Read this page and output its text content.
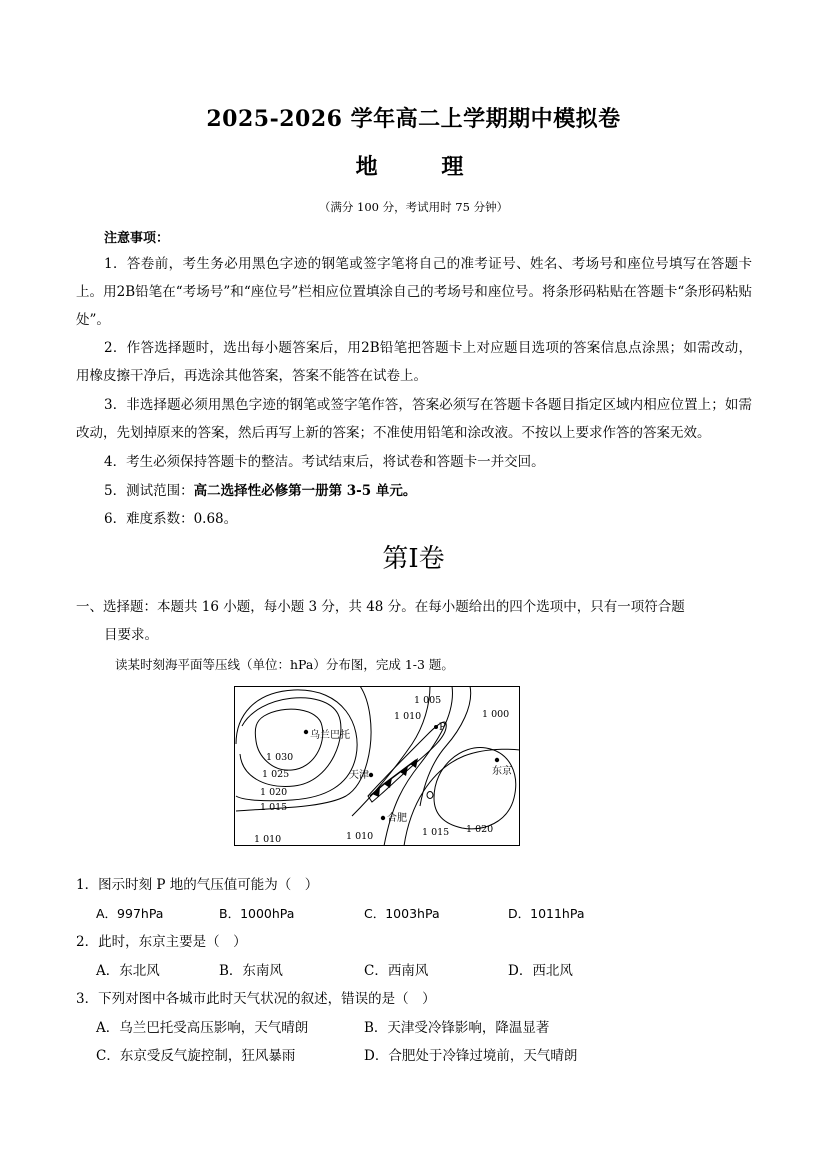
2025-2026 学年高二上学期期中模拟卷
地 理
（满分 100 分，考试用时 75 分钟）
注意事项：
1．答卷前，考生务必用黑色字迹的钢笔或签字笔将自己的准考证号、姓名、考场号和座位号填写在答题卡上。用2B铅笔在“考场号”和“座位号”栏相应位置填涂自己的考场号和座位号。将条形码粘贴在答题卡“条形码粘贴处”。
2．作答选择题时，选出每小题答案后，用2B铅笔把答题卡上对应题目选项的答案信息点涂黑；如需改动，用橡皮擦干净后，再选涂其他答案，答案不能答在试卷上。
3．非选择题必须用黑色字迹的钢笔或签字笔作答，答案必须写在答题卡各题目指定区域内相应位置上；如需改动，先划掉原来的答案，然后再写上新的答案；不准使用铅笔和涂改液。不按以上要求作答的答案无效。
4．考生必须保持答题卡的整洁。考试结束后，将试卷和答题卡一并交回。
5．测试范围：高二选择性必修第一册第 3-5 单元。
6．难度系数：0.68。
第Ⅰ卷
一、选择题：本题共 16 小题，每小题 3 分，共 48 分。在每小题给出的四个选项中，只有一项符合题
目要求。
读某时刻海平面等压线（单位：hPa）分布图，完成 1-3 题。
乌兰巴托
天津
合肥
东京
P
1 005
1 010	1 000
1 030
1 025
1 020
1 015
1 010	1 010	1 015 1 020
1．图示时刻 P 地的气压值可能为（　）
A．997hPa	B．1000hPa	C．1003hPa	D．1011hPa
2．此时，东京主要是（　）
A．东北风	B．东南风	C．西南风	D．西北风
3．下列对图中各城市此时天气状况的叙述，错误的是（　）
A．乌兰巴托受高压影响，天气晴朗	B．天津受冷锋影响，降温显著
C．东京受反气旋控制，狂风暴雨	D．合肥处于冷锋过境前，天气晴朗
